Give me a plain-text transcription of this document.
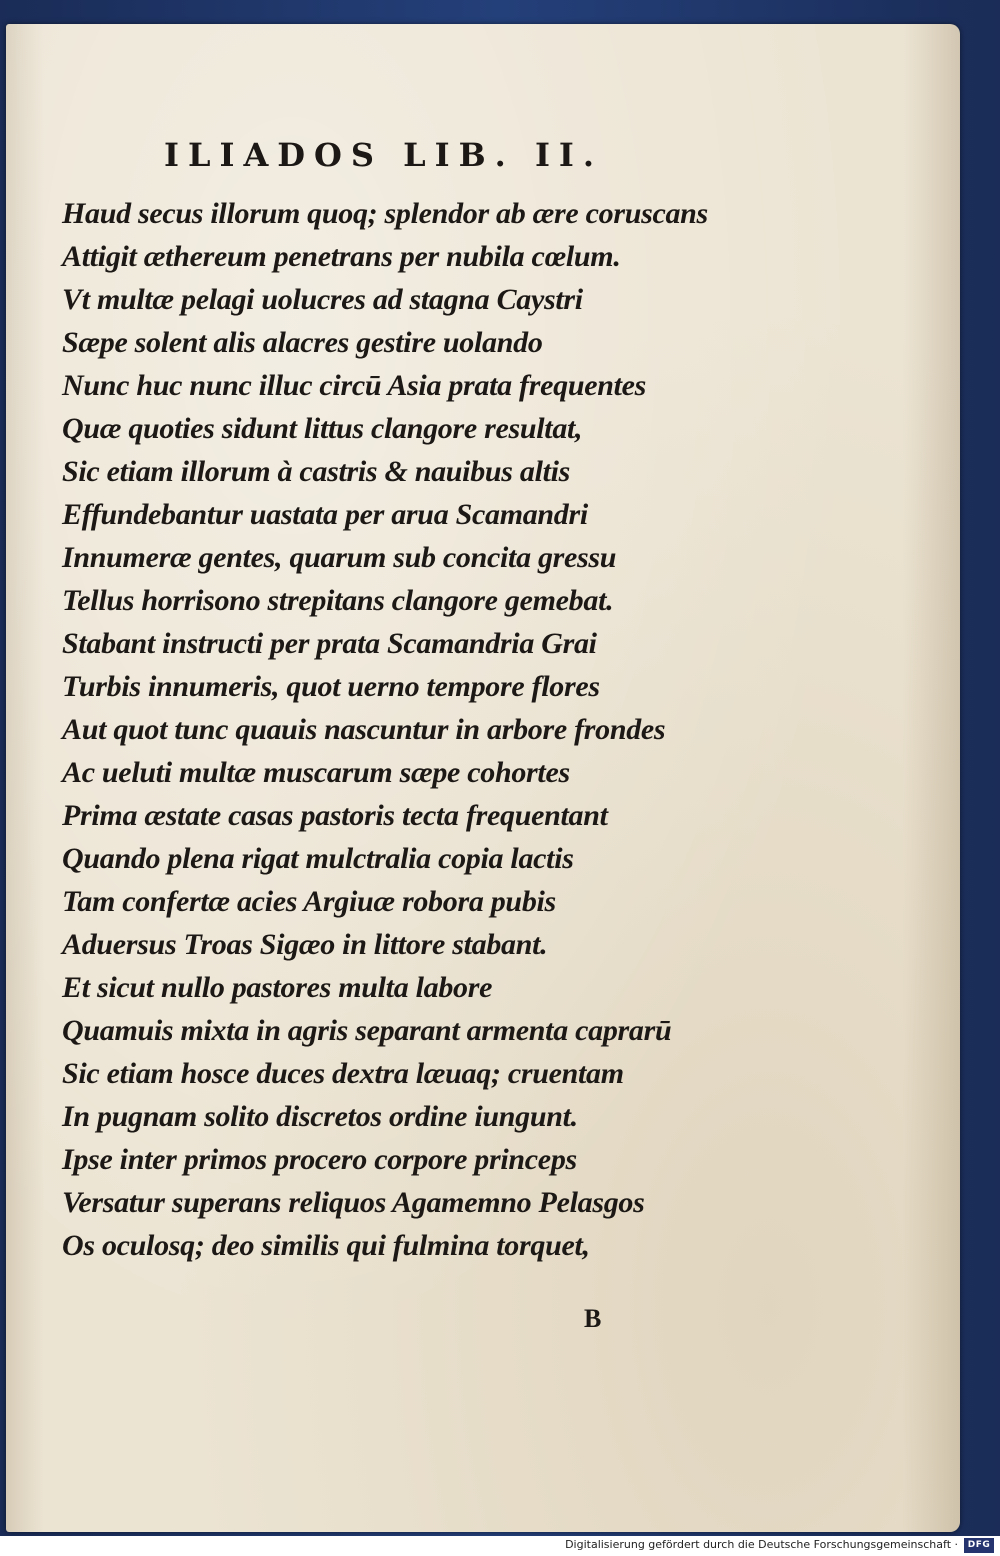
ILIADOS LIB. II.
Haud secus illorum quoq; splendor ab ære coruscans
Attigit æthereum penetrans per nubila cœlum.
Vt multæ pelagi uolucres ad stagna Caystri
Sæpe solent alis alacres gestire uolando
Nunc huc nunc illuc circū Asia prata frequentes
Quæ quoties sidunt littus clangore resultat,
Sic etiam illorum à castris & nauibus altis
Effundebantur uastata per arua Scamandri
Innumeræ gentes, quarum sub concita gressu
Tellus horrisono strepitans clangore gemebat.
Stabant instructi per prata Scamandria Grai
Turbis innumeris, quot uerno tempore flores
Aut quot tunc quauis nascuntur in arbore frondes
Ac ueluti multæ muscarum sæpe cohortes
Prima æstate casas pastoris tecta frequentant
Quando plena rigat mulctralia copia lactis
Tam confertæ acies Argiuæ robora pubis
Aduersus Troas Sigæo in littore stabant.
Et sicut nullo pastores multa labore
Quamuis mixta in agris separant armenta caprarū
Sic etiam hosce duces dextra læuaq; cruentam
In pugnam solito discretos ordine iungunt.
Ipse inter primos procero corpore princeps
Versatur superans reliquos Agamemno Pelasgos
Os oculosq; deo similis qui fulmina torquet,
B
Digitalisierung gefördert durch die Deutsche Forschungsgemeinschaft ·	DFG
